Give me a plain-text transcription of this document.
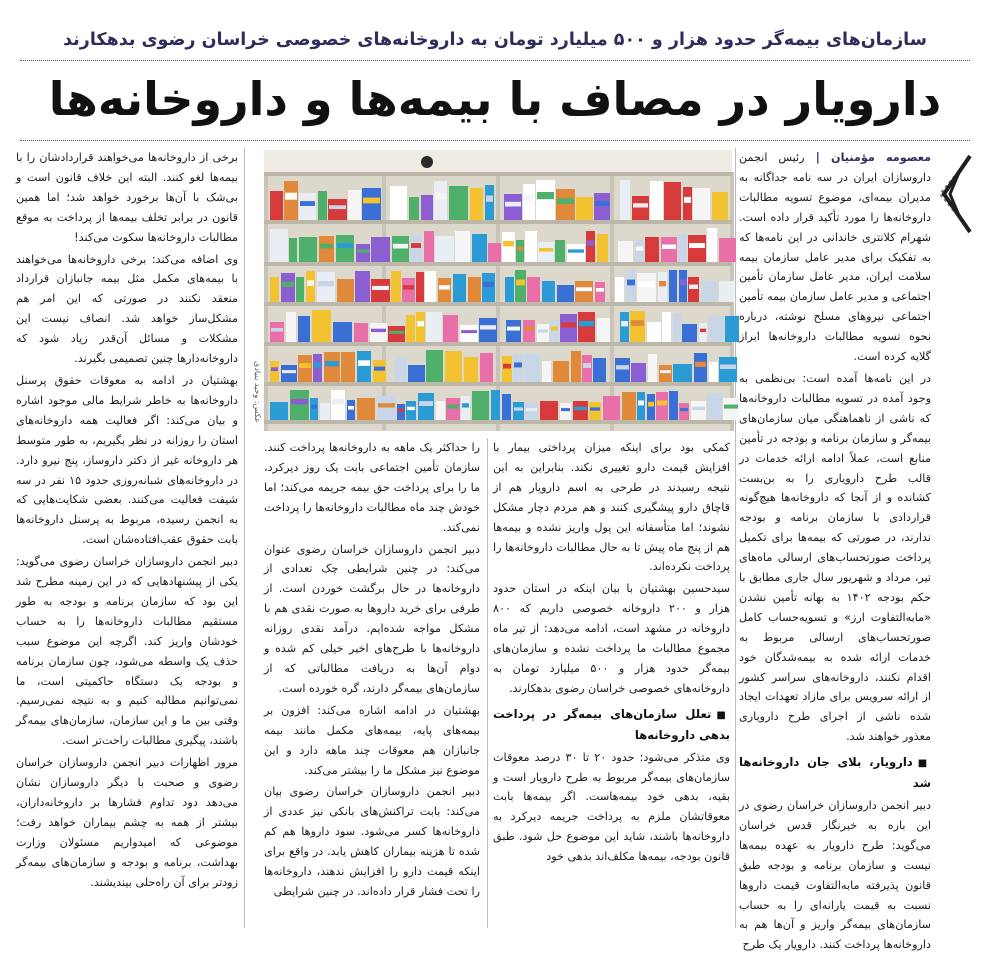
سازمان‌های بیمه‌گر حدود هزار و ۵۰۰ میلیارد تومان به داروخانه‌های خصوصی خراسان رضوی بدهکارند
دارویار در مصاف با بیمه‌ها و داروخانه‌ها

معصومه مؤمنیان | رئیس انجمن داروسازان ایران در سه نامه جداگانه به مدیران بیمه‌ای، موضوع تسویه مطالبات داروخانه‌ها را مورد تأکید قرار داده است. شهرام کلانتری خاندانی در این نامه‌ها که به تفکیک برای مدیر عامل سازمان بیمه سلامت ایران، مدیر عامل سازمان تأمین اجتماعی و مدیر عامل سازمان بیمه تأمین اجتماعی نیروهای مسلح نوشته، درباره نحوه تسویه مطالبات داروخانه‌ها ابراز گلایه کرده است.

در این نامه‌ها آمده است: بی‌نظمی به وجود آمده در تسویه مطالبات داروخانه‌ها که ناشی از ناهماهنگی میان سازمان‌های بیمه‌گر و سازمان برنامه و بودجه در تأمین منابع است، عملاً ادامه ارائه خدمات در قالب طرح دارویاری را به بن‌بست کشانده و از آنجا که داروخانه‌ها هیچ‌گونه قراردادی با سازمان برنامه و بودجه ندارند، در صورتی که بیمه‌ها برای تکمیل پرداخت صورتحساب‌های ارسالی ماه‌های تیر، مرداد و شهریور سال جاری مطابق با حکم بودجه ۱۴۰۲ به بهانه تأمین نشدن «مابه‌التفاوت ارز» و تسویه‌حساب کامل صورتحساب‌های ارسالی مربوط به خدمات ارائه شده به بیمه‌شدگان خود اقدام نکنند، داروخانه‌های سراسر کشور از ارائه سرویس برای مازاد تعهدات ایجاد شده ناشی از اجرای طرح دارویاری معذور خواهند شد.

■ دارویار، بلای جان داروخانه‌ها شد

دبیر انجمن داروسازان خراسان رضوی در این باره به خبرنگار قدس خراسان می‌گوید: طرح دارویار به عهده بیمه‌ها نیست و سازمان برنامه و بودجه طبق قانون پذیرفته مابه‌التفاوت قیمت داروها نسبت به قیمت یارانه‌ای را به حساب سازمان‌های بیمه‌گر واریز و آن‌ها هم به داروخانه‌ها پرداخت کنند. دارویار یک طرح

عکس: وحید بنیادی

کمکی بود برای اینکه میزان پرداختی بیمار با افزایش قیمت دارو تغییری نکند. بنابراین به این نتیجه رسیدند در طرحی به اسم دارویار هم از قاچاق دارو پیشگیری کنند و هم مردم دچار مشکل نشوند؛ اما متأسفانه این پول واریز نشده و بیمه‌ها هم از پنج ماه پیش تا به حال مطالبات داروخانه‌ها را پرداخت نکرده‌اند.

سیدحسین بهشتیان با بیان اینکه در استان حدود هزار و ۲۰۰ داروخانه خصوصی داریم که ۸۰۰ داروخانه در مشهد است، ادامه می‌دهد: از تیر ماه مجموع مطالبات ما پرداخت نشده و سازمان‌های بیمه‌گر حدود هزار و ۵۰۰ میلیارد تومان به داروخانه‌های خصوصی خراسان رضوی بدهکارند.

■ تعلل سازمان‌های بیمه‌گر در پرداخت بدهی داروخانه‌ها

وی متذکر می‌شود: حدود ۲۰ تا ۳۰ درصد معوقات سازمان‌های بیمه‌گر مربوط به طرح دارویار است و بقیه، بدهی خود بیمه‌هاست. اگر بیمه‌ها بابت معوقاتشان ملزم به پرداخت جریمه دیرکرد به داروخانه‌ها باشند، شاید این موضوع حل شود. طبق قانون بودجه، بیمه‌ها مکلف‌اند بدهی خود

را حداکثر یک ماهه به داروخانه‌ها پرداخت کنند. سازمان تأمین اجتماعی بابت یک روز دیرکرد، ما را برای پرداخت حق بیمه جریمه می‌کند؛ اما خودش چند ماه مطالبات داروخانه‌ها را پرداخت نمی‌کند.

دبیر انجمن داروسازان خراسان رضوی عنوان می‌کند: در چنین شرایطی چک تعدادی از داروخانه‌ها در حال برگشت خوردن است. از طرفی برای خرید داروها به صورت نقدی هم با مشکل مواجه شده‌ایم. درآمد نقدی روزانه داروخانه‌ها با طرح‌های اخیر خیلی کم شده و دوام آن‌ها به دریافت مطالباتی که از سازمان‌های بیمه‌گر دارند، گره خورده است.

بهشتیان در ادامه اشاره می‌کند: افزون بر بیمه‌های پایه، بیمه‌های مکمل مانند بیمه جانبازان هم معوقات چند ماهه دارد و این موضوع نیز مشکل ما را بیشتر می‌کند.

دبیر انجمن داروسازان خراسان رضوی بیان می‌کند: بابت تراکنش‌های بانکی نیز عددی از داروخانه‌ها کسر می‌شود. سود داروها هم کم شده تا هزینه بیماران کاهش یابد. در واقع برای اینکه قیمت دارو را افزایش ندهند، داروخانه‌ها را تحت فشار قرار داده‌اند. در چنین شرایطی

برخی از داروخانه‌ها می‌خواهند قراردادشان را با بیمه‌ها لغو کنند. البته این خلاف قانون است و بی‌شک با آن‌ها برخورد خواهد شد؛ اما همین قانون در برابر تخلف بیمه‌ها از پرداخت به موقع مطالبات داروخانه‌ها سکوت می‌کند!

وی اضافه می‌کند: برخی داروخانه‌ها می‌خواهند با بیمه‌های مکمل مثل بیمه جانبازان قرارداد منعقد نکنند در صورتی که این امر هم مشکل‌ساز خواهد شد. انصاف نیست این مشکلات و مسائل آن‌قدر زیاد شود که داروخانه‌دارها چنین تصمیمی بگیرند.

بهشتیان در ادامه به معوقات حقوق پرسنل داروخانه‌ها به خاطر شرایط مالی موجود اشاره و بیان می‌کند: اگر فعالیت همه داروخانه‌های استان را روزانه در نظر بگیریم، به طور متوسط هر داروخانه غیر از دکتر داروساز، پنج نیرو دارد. در داروخانه‌های شبانه‌روزی حدود ۱۵ نفر در سه شیفت فعالیت می‌کنند. بعضی شکایت‌هایی که به انجمن رسیده، مربوط به پرسنل داروخانه‌ها بابت حقوق عقب‌افتاده‌شان است.

دبیر انجمن داروسازان خراسان رضوی می‌گوید: یکی از پیشنهادهایی که در این زمینه مطرح شد این بود که سازمان برنامه و بودجه به طور مستقیم مطالبات داروخانه‌ها را به حساب خودشان واریز کند. اگرچه این موضوع سبب حذف یک واسطه می‌شود، چون سازمان برنامه و بودجه یک دستگاه حاکمیتی است، ما نمی‌توانیم مطالبه کنیم و به نتیجه نمی‌رسیم. وقتی بین ما و این سازمان، سازمان‌های بیمه‌گر باشند، پیگیری مطالبات راحت‌تر است.

مرور اظهارات دبیر انجمن داروسازان خراسان رضوی و صحبت با دیگر داروسازان نشان می‌دهد دود تداوم فشارها بر داروخانه‌داران، بیشتر از همه به چشم بیماران خواهد رفت؛ موضوعی که امیدواریم مسئولان وزارت بهداشت، برنامه و بودجه و سازمان‌های بیمه‌گر زودتر برای آن راه‌حلی بیندیشند.
